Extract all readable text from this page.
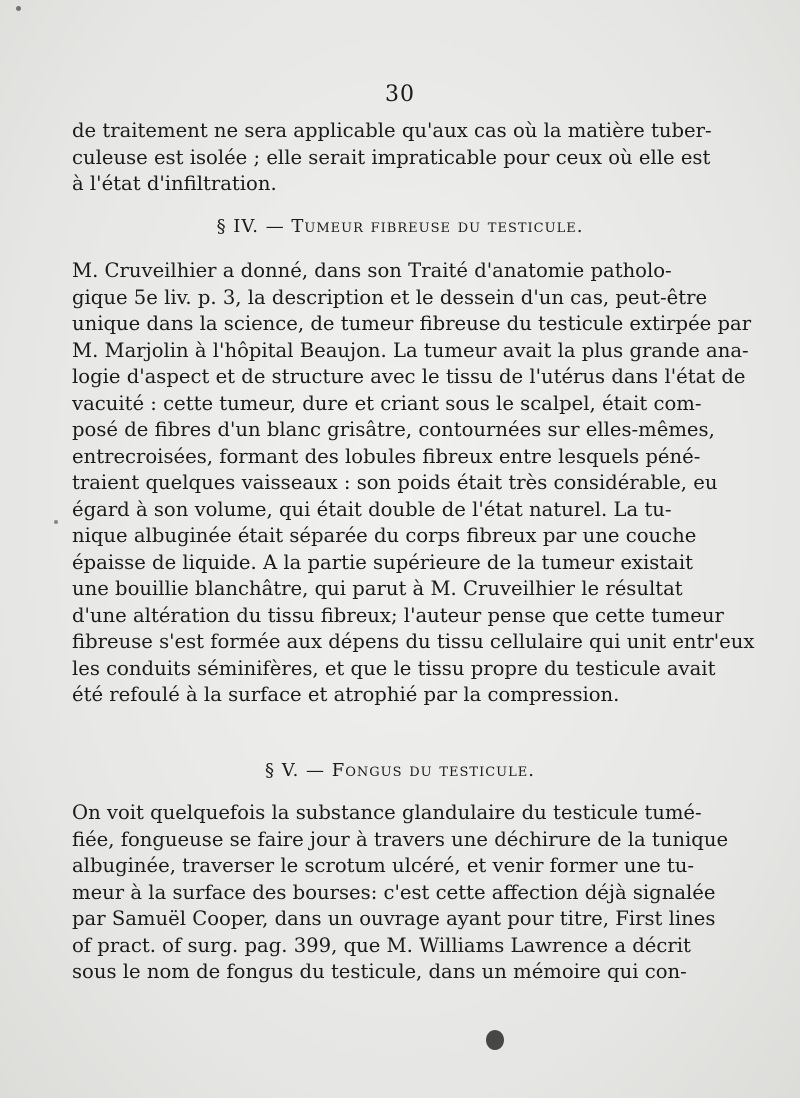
30
de traitement ne sera applicable qu'aux cas où la matière tuber-
culeuse est isolée ; elle serait impraticable pour ceux où elle est
à l'état d'infiltration.
§ IV. — Tumeur fibreuse du testicule.
M. Cruveilhier a donné, dans son Traité d'anatomie patholo-
gique 5e liv. p. 3, la description et le dessein d'un cas, peut-être
unique dans la science, de tumeur fibreuse du testicule extirpée par
M. Marjolin à l'hôpital Beaujon. La tumeur avait la plus grande ana-
logie d'aspect et de structure avec le tissu de l'utérus dans l'état de
vacuité : cette tumeur, dure et criant sous le scalpel, était com-
posé de fibres d'un blanc grisâtre, contournées sur elles-mêmes,
entrecroisées, formant des lobules fibreux entre lesquels péné-
traient quelques vaisseaux : son poids était très considérable, eu
égard à son volume, qui était double de l'état naturel. La tu-
nique albuginée était séparée du corps fibreux par une couche
épaisse de liquide. A la partie supérieure de la tumeur existait
une bouillie blanchâtre, qui parut à M. Cruveilhier le résultat
d'une altération du tissu fibreux; l'auteur pense que cette tumeur
fibreuse s'est formée aux dépens du tissu cellulaire qui unit entr'eux
les conduits séminifères, et que le tissu propre du testicule avait
été refoulé à la surface et atrophié par la compression.
§ V. — Fongus du testicule.
On voit quelquefois la substance glandulaire du testicule tumé-
fiée, fongueuse se faire jour à travers une déchirure de la tunique
albuginée, traverser le scrotum ulcéré, et venir former une tu-
meur à la surface des bourses: c'est cette affection déjà signalée
par Samuël Cooper, dans un ouvrage ayant pour titre, First lines
of pract. of surg. pag. 399, que M. Williams Lawrence a décrit
sous le nom de fongus du testicule, dans un mémoire qui con-
